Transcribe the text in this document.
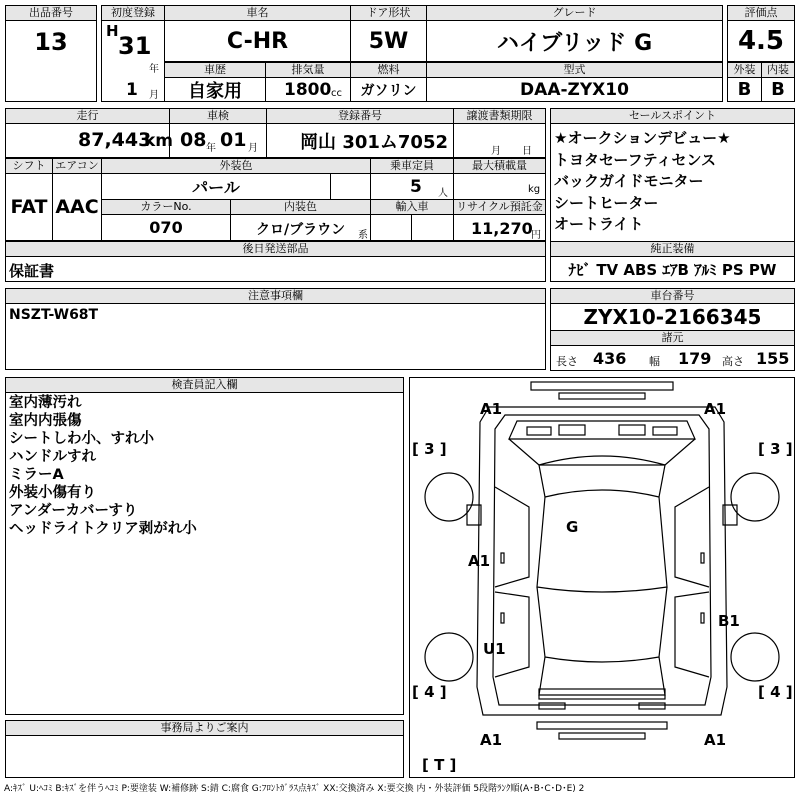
出品番号
13
初度登録
H
31
年
1 月
車名
C-HR
ドア形状
5W
グレード
ハイブリッド G
評価点
4.5
車歴
自家用
排気量
1800 cc
燃料
ガソリン
型式
DAA-ZYX10
外装
B
内装
B
走行
87,443
km
車検
08 年 01 月
登録番号
岡山 301ム7052
譲渡書類期限
月 日
セールスポイント
★オークションデビュー★
トヨタセーフティセンス
バックガイドモニター
シートヒーター
オートライト
シフト
FAT
エアコン
AAC
外装色
パール
乗車定員
5 人
最大積載量
kg
カラーNo.
070
内装色
クロ/ブラウン 系
輸入車	リサイクル預託金
11,270
円
後日発送部品
保証書
純正装備
ﾅﾋﾞ TV ABS ｴｱB ｱﾙﾐ PS PW
注意事項欄
NSZT-W68T
車台番号
ZYX10-2166345
諸元
長さ 436 幅 179 高さ 155
検査員記入欄
室内薄汚れ
室内内張傷
シートしわ小、すれ小
ハンドルすれ
ミラーA
外装小傷有り
アンダーカバーすり
ヘッドライトクリア剥がれ小
事務局よりご案内
A1	A1
[ 3 ]	[ 3 ]
G
A1
B1
U1
[ 4 ]	[ 4 ]
A1	A1
[ T ]
A:ｷｽﾞ U:ﾍｺﾐ B:ｷｽﾞを伴うﾍｺﾐ P:要塗装 W:補修跡 S:錆 C:腐食 G:ﾌﾛﾝﾄｶﾞﾗｽ点ｷｽﾞ XX:交換済み X:要交換 内・外装評価 5段階ﾗﾝｸ順(A･B･C･D･E) 2
